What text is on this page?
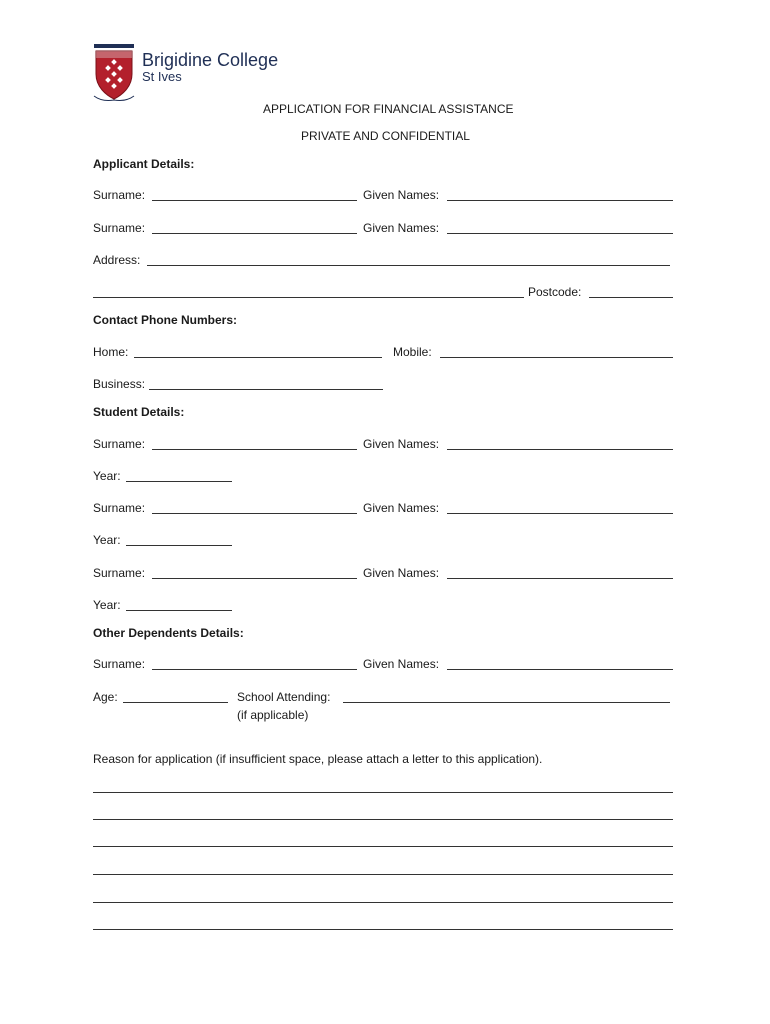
Brigidine College
St Ives
APPLICATION FOR FINANCIAL ASSISTANCE
PRIVATE AND CONFIDENTIAL
Applicant Details:
Surname:	Given Names:
Surname:	Given Names:
Address:
Postcode:
Contact Phone Numbers:
Home:	Mobile:
Business:
Student Details:
Surname:	Given Names:
Year:
Surname:	Given Names:
Year:
Surname:	Given Names:
Year:
Other Dependents Details:
Surname:	Given Names:
Age:	School Attending:
(if applicable)
Reason for application (if insufficient space, please attach a letter to this application).
